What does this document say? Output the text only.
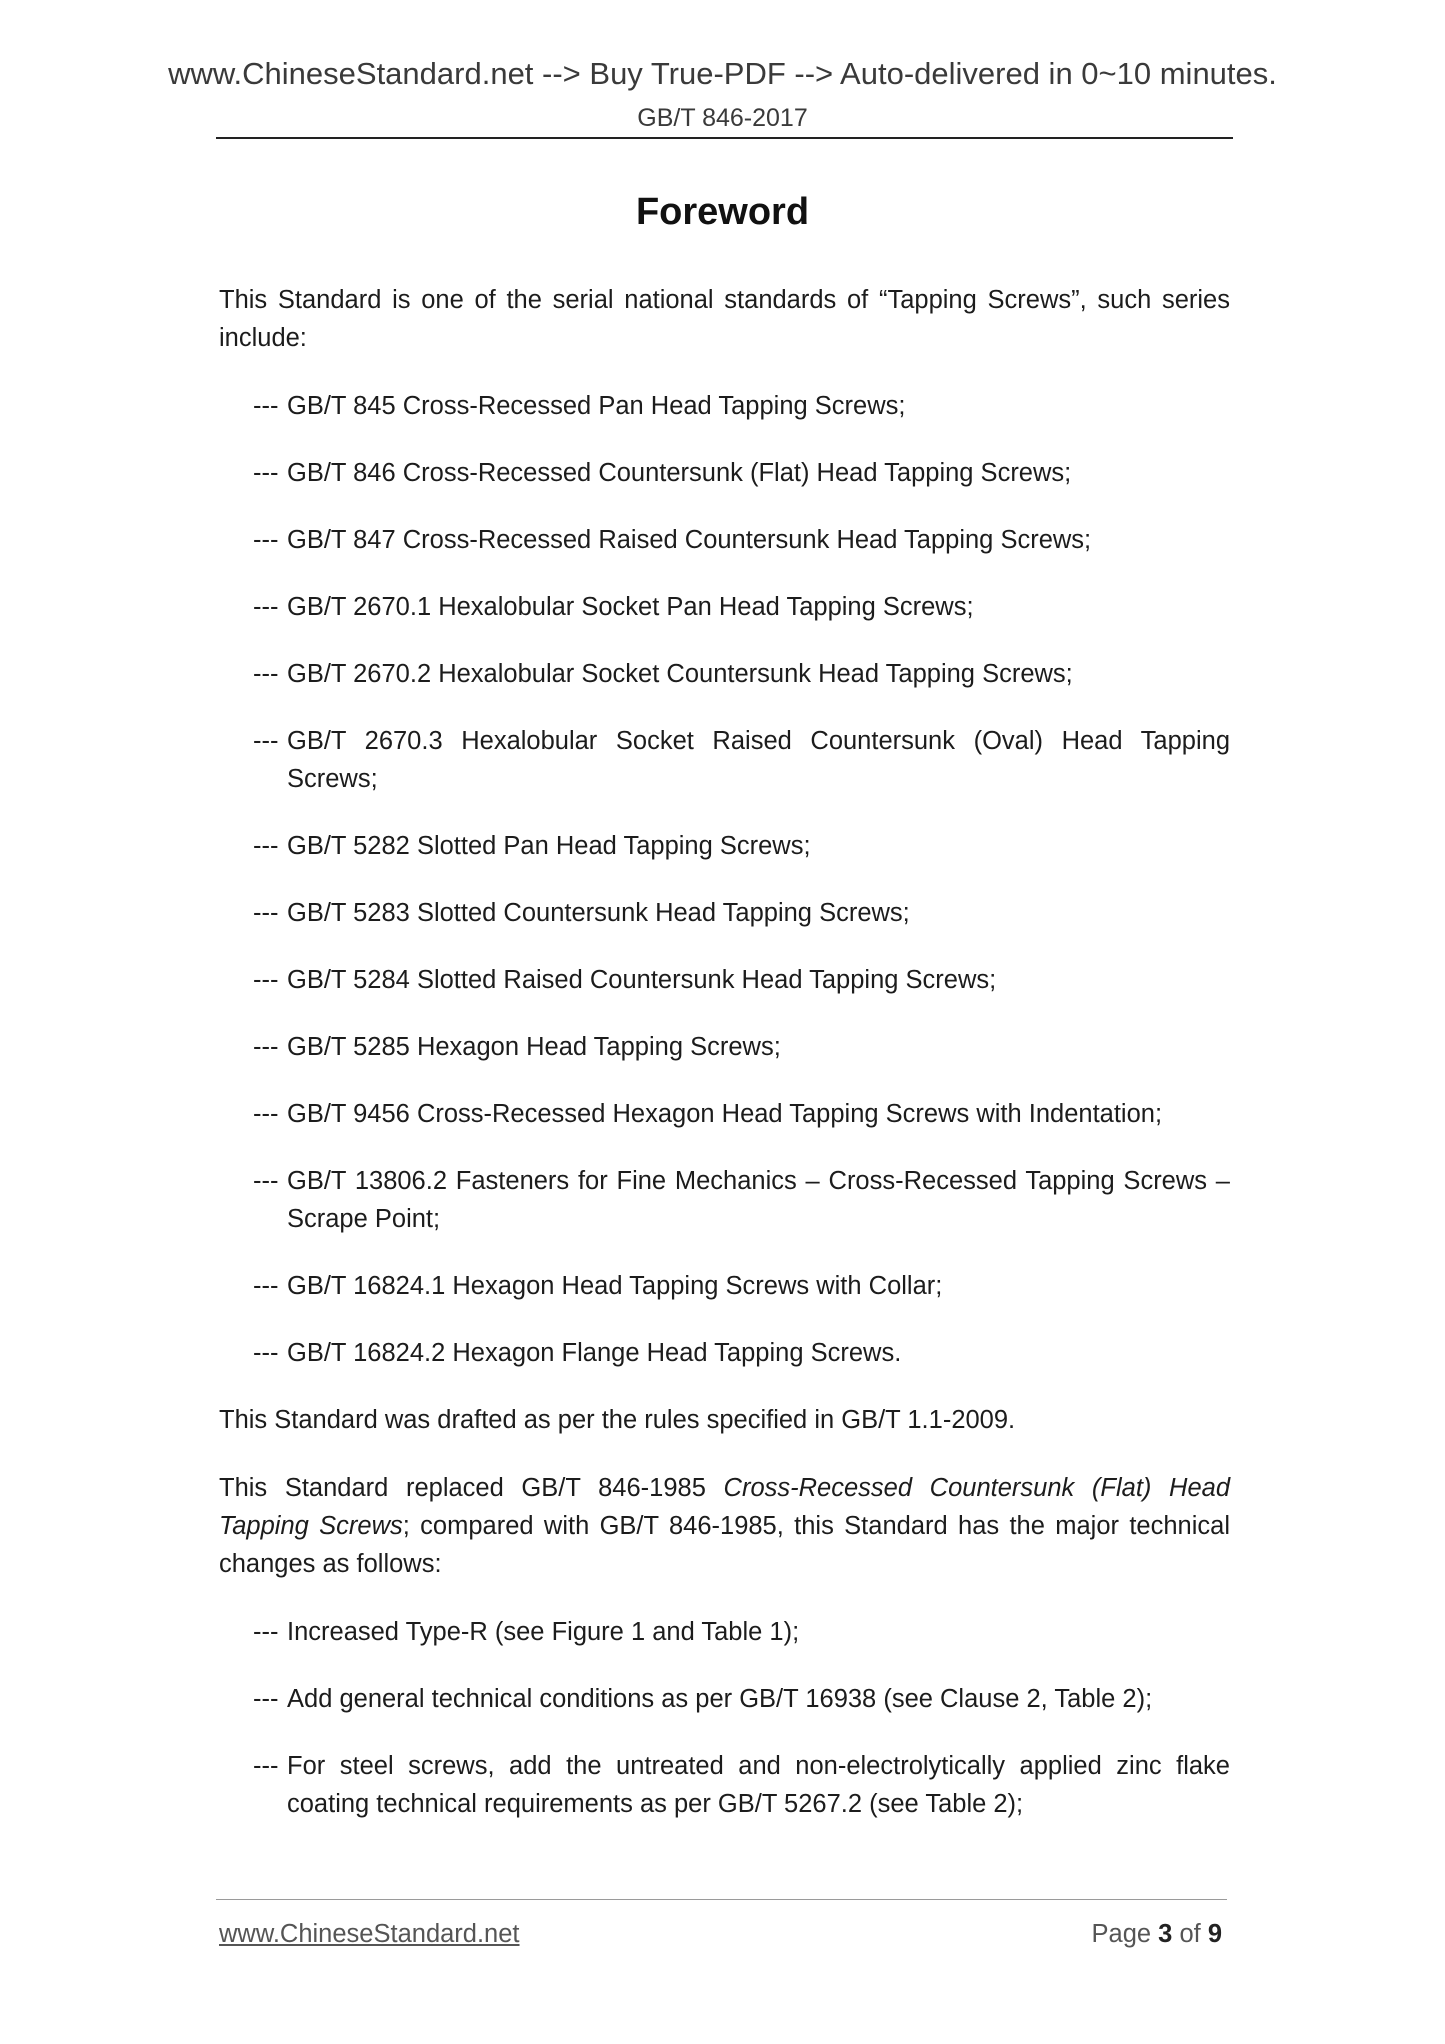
www.ChineseStandard.net --> Buy True-PDF --> Auto-delivered in 0~10 minutes.
GB/T 846-2017
Foreword

This Standard is one of the serial national standards of “Tapping Screws”, such series include:

--- GB/T 845 Cross-Recessed Pan Head Tapping Screws;
--- GB/T 846 Cross-Recessed Countersunk (Flat) Head Tapping Screws;
--- GB/T 847 Cross-Recessed Raised Countersunk Head Tapping Screws;
--- GB/T 2670.1 Hexalobular Socket Pan Head Tapping Screws;
--- GB/T 2670.2 Hexalobular Socket Countersunk Head Tapping Screws;
--- GB/T 2670.3 Hexalobular Socket Raised Countersunk (Oval) Head Tapping Screws;
--- GB/T 5282 Slotted Pan Head Tapping Screws;
--- GB/T 5283 Slotted Countersunk Head Tapping Screws;
--- GB/T 5284 Slotted Raised Countersunk Head Tapping Screws;
--- GB/T 5285 Hexagon Head Tapping Screws;
--- GB/T 9456 Cross-Recessed Hexagon Head Tapping Screws with Indentation;
--- GB/T 13806.2 Fasteners for Fine Mechanics – Cross-Recessed Tapping Screws – Scrape Point;
--- GB/T 16824.1 Hexagon Head Tapping Screws with Collar;
--- GB/T 16824.2 Hexagon Flange Head Tapping Screws.

This Standard was drafted as per the rules specified in GB/T 1.1-2009.

This Standard replaced GB/T 846-1985 Cross-Recessed Countersunk (Flat) Head Tapping Screws; compared with GB/T 846-1985, this Standard has the major technical changes as follows:

--- Increased Type-R (see Figure 1 and Table 1);
--- Add general technical conditions as per GB/T 16938 (see Clause 2, Table 2);
--- For steel screws, add the untreated and non-electrolytically applied zinc flake coating technical requirements as per GB/T 5267.2 (see Table 2);
www.ChineseStandard.net	Page 3 of 9
